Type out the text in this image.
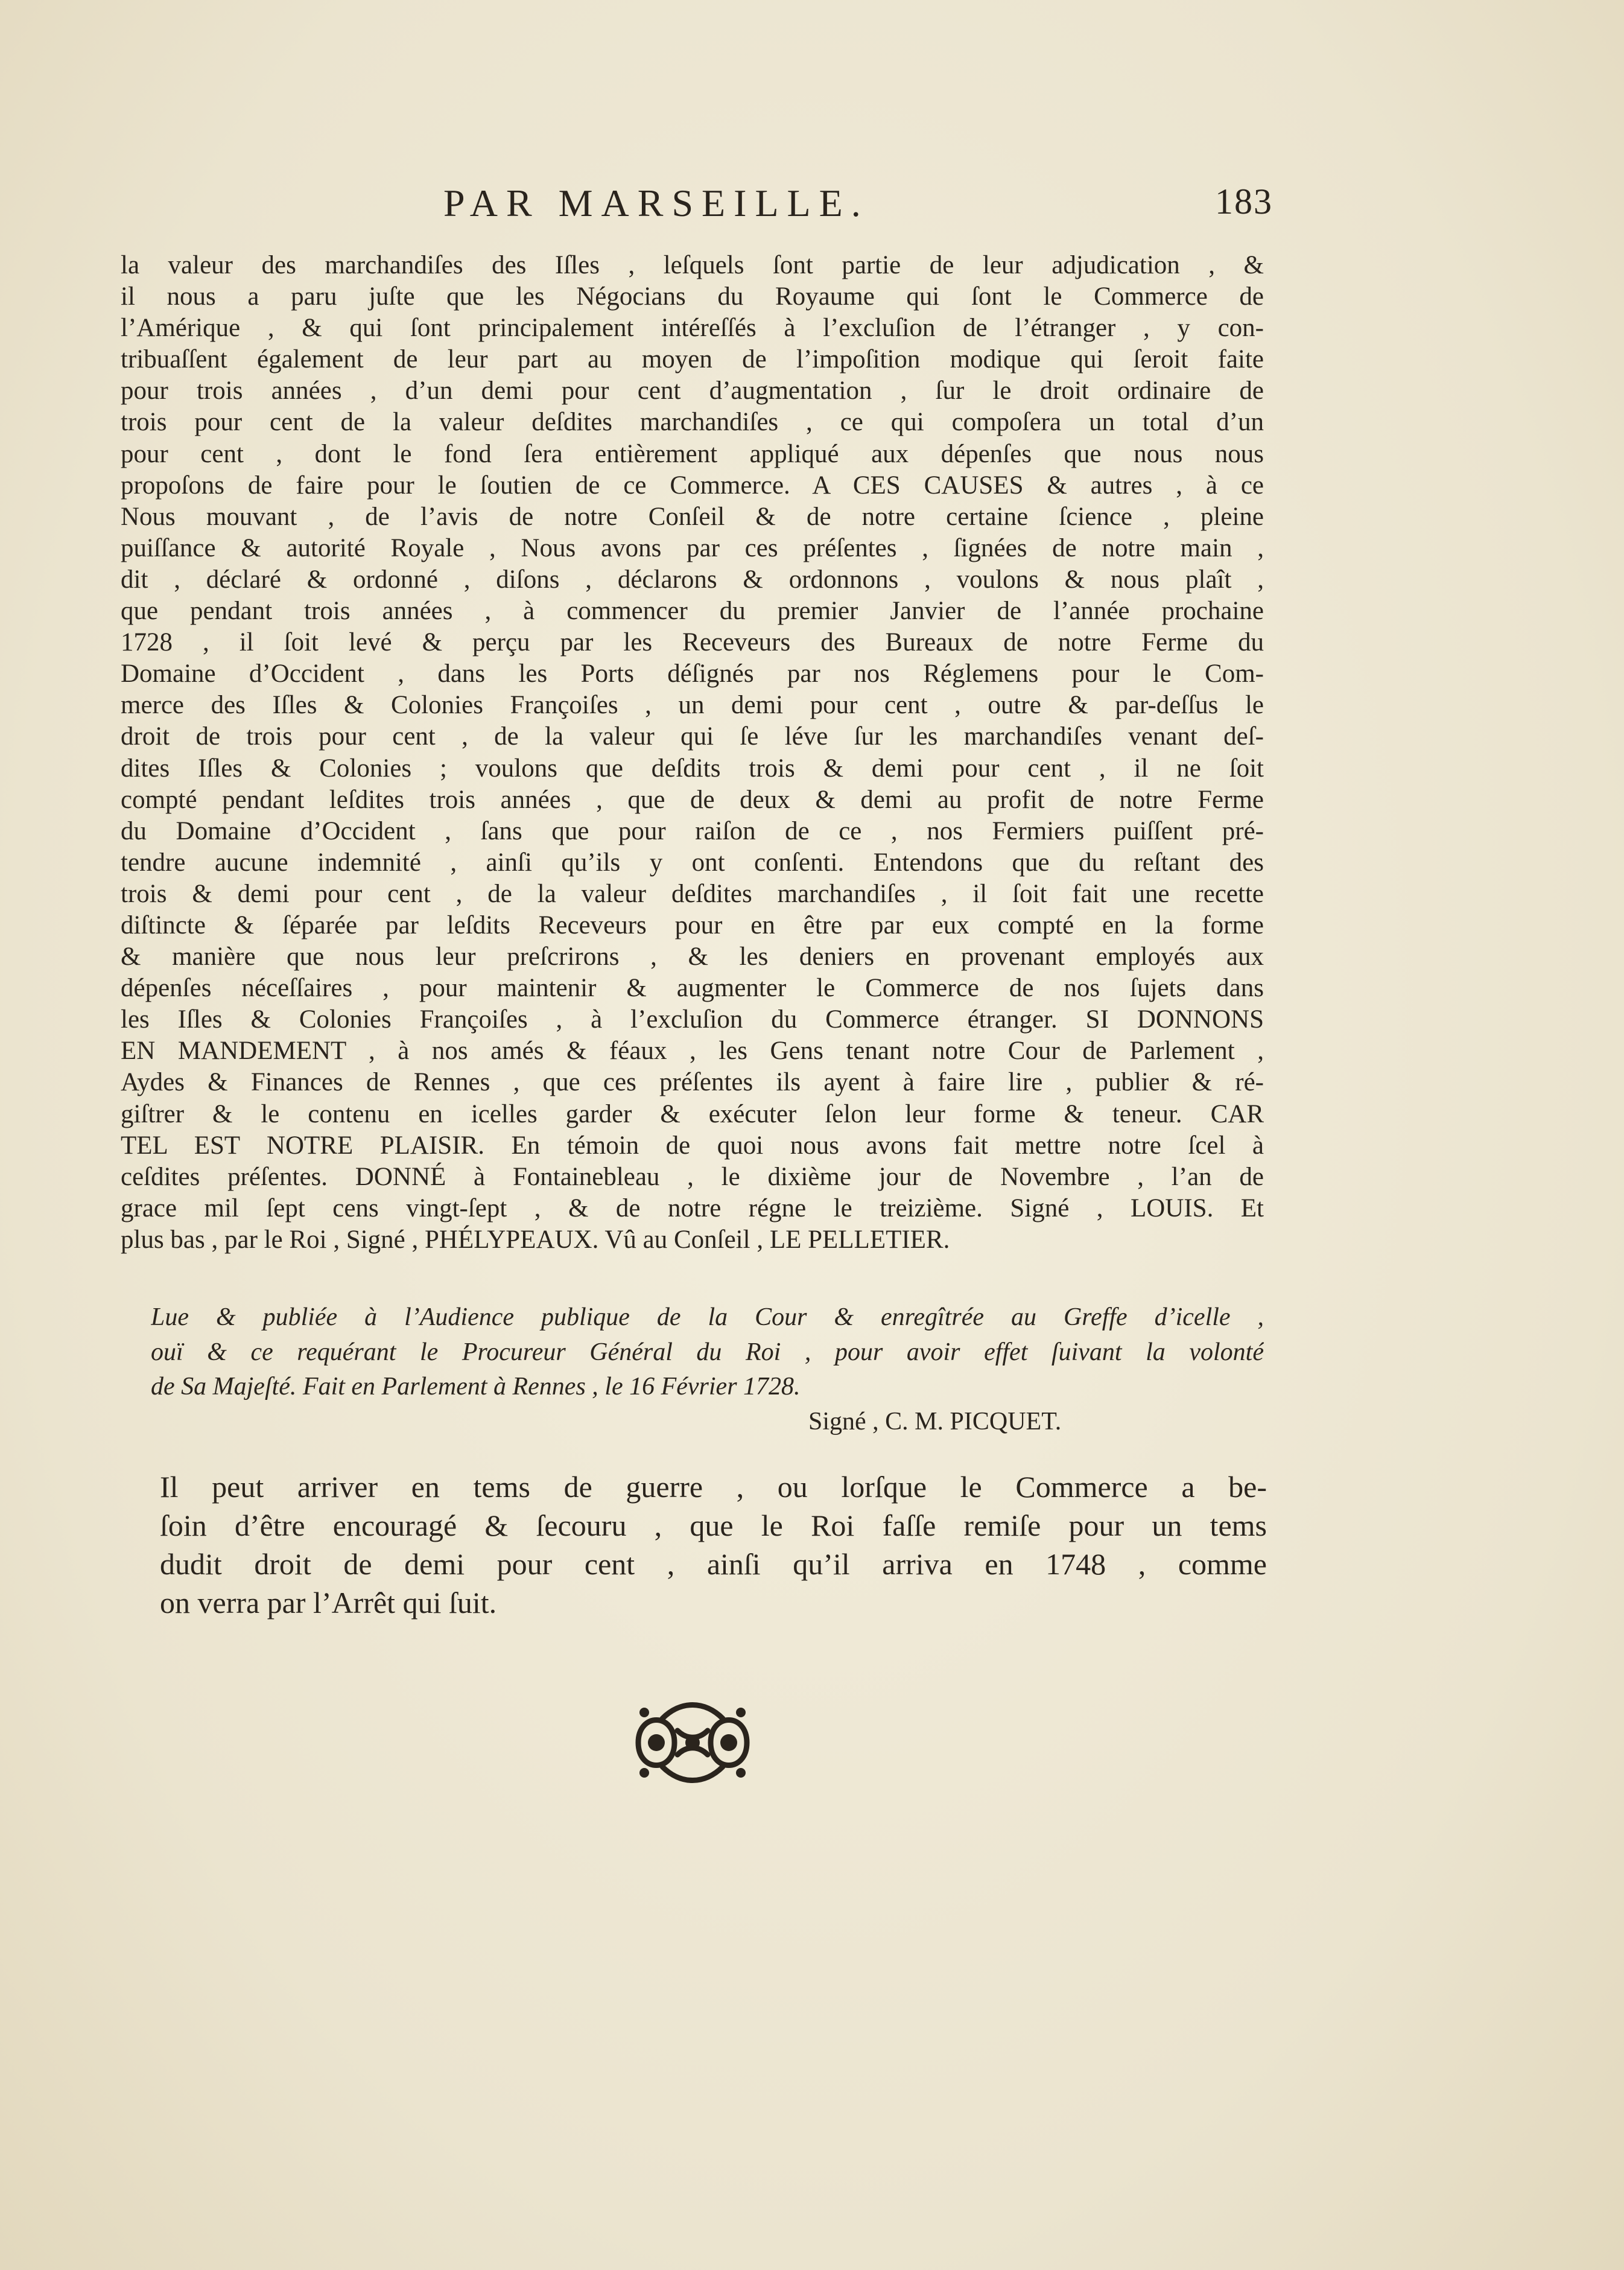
PAR MARSEILLE.	183
la valeur des marchandiſes des Iſles , leſquels ſont partie de leur adjudication , &
il nous a paru juſte que les Négocians du Royaume qui ſont le Commerce de
l’Amérique , & qui ſont principalement intéreſſés à l’excluſion de l’étranger , y con-
tribuaſſent également de leur part au moyen de l’impoſition modique qui ſeroit faite
pour trois années , d’un demi pour cent d’augmentation , ſur le droit ordinaire de
trois pour cent de la valeur deſdites marchandiſes , ce qui compoſera un total d’un
pour cent , dont le fond ſera entièrement appliqué aux dépenſes que nous nous
propoſons de faire pour le ſoutien de ce Commerce. A CES CAUSES & autres , à ce
Nous mouvant , de l’avis de notre Conſeil & de notre certaine ſcience , pleine
puiſſance & autorité Royale , Nous avons par ces préſentes , ſignées de notre main ,
dit , déclaré & ordonné , diſons , déclarons & ordonnons , voulons & nous plaît ,
que pendant trois années , à commencer du premier Janvier de l’année prochaine
1728 , il ſoit levé & perçu par les Receveurs des Bureaux de notre Ferme du
Domaine d’Occident , dans les Ports déſignés par nos Réglemens pour le Com-
merce des Iſles & Colonies Françoiſes , un demi pour cent , outre & par-deſſus le
droit de trois pour cent , de la valeur qui ſe léve ſur les marchandiſes venant deſ-
dites Iſles & Colonies ; voulons que deſdits trois & demi pour cent , il ne ſoit
compté pendant leſdites trois années , que de deux & demi au profit de notre Ferme
du Domaine d’Occident , ſans que pour raiſon de ce , nos Fermiers puiſſent pré-
tendre aucune indemnité , ainſi qu’ils y ont conſenti. Entendons que du reſtant des
trois & demi pour cent , de la valeur deſdites marchandiſes , il ſoit fait une recette
diſtincte & ſéparée par leſdits Receveurs pour en être par eux compté en la forme
& manière que nous leur preſcrirons , & les deniers en provenant employés aux
dépenſes néceſſaires , pour maintenir & augmenter le Commerce de nos ſujets dans
les Iſles & Colonies Françoiſes , à l’excluſion du Commerce étranger. SI DONNONS
EN MANDEMENT , à nos amés & féaux , les Gens tenant notre Cour de Parlement ,
Aydes & Finances de Rennes , que ces préſentes ils ayent à faire lire , publier & ré-
giſtrer & le contenu en icelles garder & exécuter ſelon leur forme & teneur. CAR
TEL EST NOTRE PLAISIR. En témoin de quoi nous avons fait mettre notre ſcel à
ceſdites préſentes. DONNÉ à Fontainebleau , le dixième jour de Novembre , l’an de
grace mil ſept cens vingt-ſept , & de notre régne le treizième. Signé , LOUIS. Et
plus bas , par le Roi , Signé , PHÉLYPEAUX. Vû au Conſeil , LE PELLETIER.
Lue & publiée à l’Audience publique de la Cour & enregîtrée au Greffe d’icelle ,
ouï & ce requérant le Procureur Général du Roi , pour avoir effet ſuivant la volonté
de Sa Majeſté. Fait en Parlement à Rennes , le 16 Février 1728.
Signé , C. M. PICQUET.
Il peut arriver en tems de guerre , ou lorſque le Commerce a be-
ſoin d’être encouragé & ſecouru , que le Roi faſſe remiſe pour un tems
dudit droit de demi pour cent , ainſi qu’il arriva en 1748 , comme
on verra par l’Arrêt qui ſuit.
